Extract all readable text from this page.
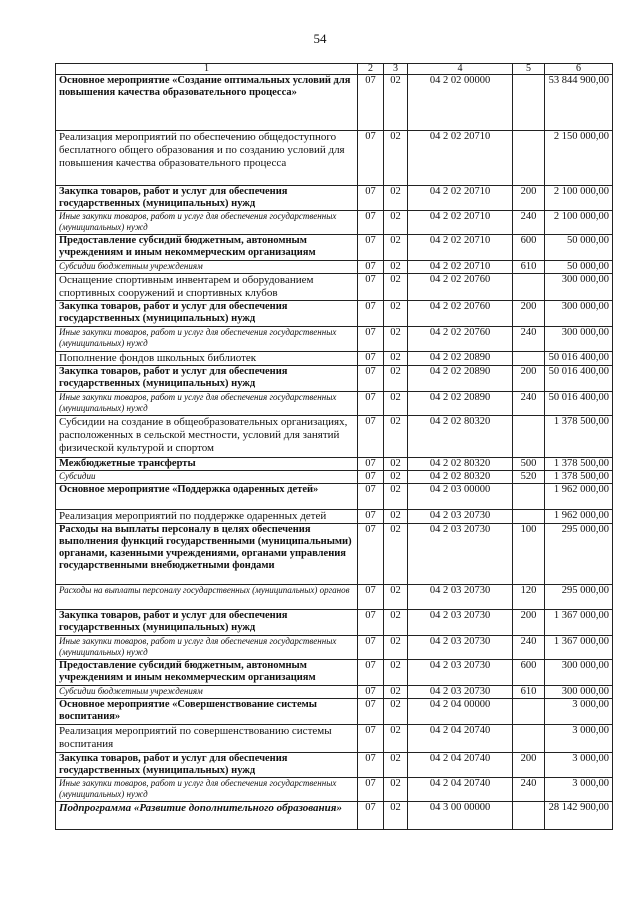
54
1	2	3	4	5	6
Основное мероприятие «Создание оптимальных условий для повышения качества образовательного процесса»	07	02	04 2 02 00000		53 844 900,00
Реализация мероприятий по обеспечению общедоступного бесплатного общего образования и по созданию условий для повышения качества образовательного процесса	07	02	04 2 02 20710		2 150 000,00
Закупка товаров, работ и услуг для обеспечения государственных (муниципальных) нужд	07	02	04 2 02 20710	200	2 100 000,00
Иные закупки товаров, работ и услуг для обеспечения государственных (муниципальных) нужд	07	02	04 2 02 20710	240	2 100 000,00
Предоставление субсидий бюджетным, автономным учреждениям и иным некоммерческим организациям	07	02	04 2 02 20710	600	50 000,00
Субсидии бюджетным учреждениям	07	02	04 2 02 20710	610	50 000,00
Оснащение спортивным инвентарем и оборудованием спортивных сооружений и спортивных клубов	07	02	04 2 02 20760		300 000,00
Закупка товаров, работ и услуг для обеспечения государственных (муниципальных) нужд	07	02	04 2 02 20760	200	300 000,00
Иные закупки товаров, работ и услуг для обеспечения государственных (муниципальных) нужд	07	02	04 2 02 20760	240	300 000,00
Пополнение фондов школьных библиотек	07	02	04 2 02 20890		50 016 400,00
Закупка товаров, работ и услуг для обеспечения государственных (муниципальных) нужд	07	02	04 2 02 20890	200	50 016 400,00
Иные закупки товаров, работ и услуг для обеспечения государственных (муниципальных) нужд	07	02	04 2 02 20890	240	50 016 400,00
Субсидии на создание в общеобразовательных организациях, расположенных в сельской местности, условий для занятий физической культурой и спортом	07	02	04 2 02 80320		1 378 500,00
Межбюджетные трансферты	07	02	04 2 02 80320	500	1 378 500,00
Субсидии	07	02	04 2 02 80320	520	1 378 500,00
Основное мероприятие «Поддержка одаренных детей»	07	02	04 2 03 00000		1 962 000,00
Реализация мероприятий по поддержке одаренных детей	07	02	04 2 03 20730		1 962 000,00
Расходы на выплаты персоналу в целях обеспечения выполнения функций государственными (муниципальными) органами, казенными учреждениями, органами управления государственными внебюджетными фондами	07	02	04 2 03 20730	100	295 000,00
Расходы на выплаты персоналу государственных (муниципальных) органов	07	02	04 2 03 20730	120	295 000,00
Закупка товаров, работ и услуг для обеспечения государственных (муниципальных) нужд	07	02	04 2 03 20730	200	1 367 000,00
Иные закупки товаров, работ и услуг для обеспечения государственных (муниципальных) нужд	07	02	04 2 03 20730	240	1 367 000,00
Предоставление субсидий бюджетным, автономным учреждениям и иным некоммерческим организациям	07	02	04 2 03 20730	600	300 000,00
Субсидии бюджетным учреждениям	07	02	04 2 03 20730	610	300 000,00
Основное мероприятие «Совершенствование системы воспитания»	07	02	04 2 04 00000		3 000,00
Реализация мероприятий по совершенствованию системы воспитания	07	02	04 2 04 20740		3 000,00
Закупка товаров, работ и услуг для обеспечения государственных (муниципальных) нужд	07	02	04 2 04 20740	200	3 000,00
Иные закупки товаров, работ и услуг для обеспечения государственных (муниципальных) нужд	07	02	04 2 04 20740	240	3 000,00
Подпрограмма «Развитие дополнительного образования»	07	02	04 3 00 00000		28 142 900,00
